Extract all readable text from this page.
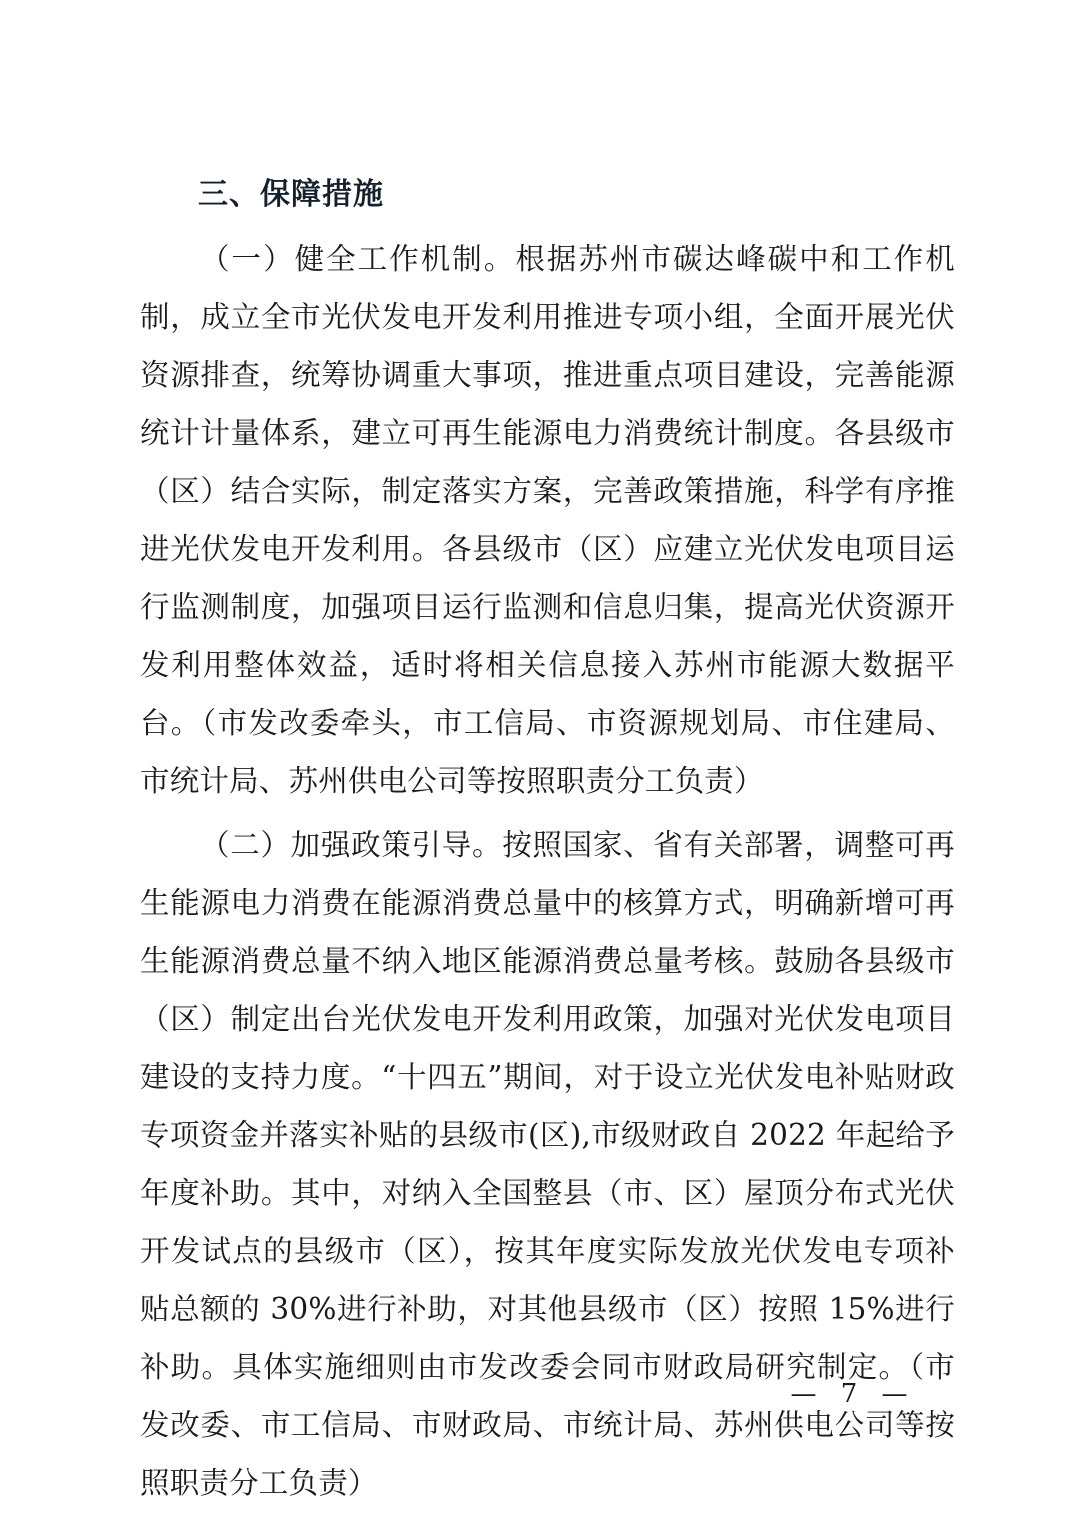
三、保障措施

（一）健全工作机制。根据苏州市碳达峰碳中和工作机制，成立全市光伏发电开发利用推进专项小组，全面开展光伏资源排查，统筹协调重大事项，推进重点项目建设，完善能源统计计量体系，建立可再生能源电力消费统计制度。各县级市（区）结合实际，制定落实方案，完善政策措施，科学有序推进光伏发电开发利用。各县级市（区）应建立光伏发电项目运行监测制度，加强项目运行监测和信息归集，提高光伏资源开发利用整体效益，适时将相关信息接入苏州市能源大数据平台。（市发改委牵头，市工信局、市资源规划局、市住建局、市统计局、苏州供电公司等按照职责分工负责）

（二）加强政策引导。按照国家、省有关部署，调整可再生能源电力消费在能源消费总量中的核算方式，明确新增可再生能源消费总量不纳入地区能源消费总量考核。鼓励各县级市（区）制定出台光伏发电开发利用政策，加强对光伏发电项目建设的支持力度。“十四五”期间，对于设立光伏发电补贴财政专项资金并落实补贴的县级市(区),市级财政自 2022 年起给予年度补助。其中，对纳入全国整县（市、区）屋顶分布式光伏开发试点的县级市（区），按其年度实际发放光伏发电专项补贴总额的 30%进行补助，对其他县级市（区）按照 15%进行补助。具体实施细则由市发改委会同市财政局研究制定。（市发改委、市工信局、市财政局、市统计局、苏州供电公司等按照职责分工负责）

— 7 —
